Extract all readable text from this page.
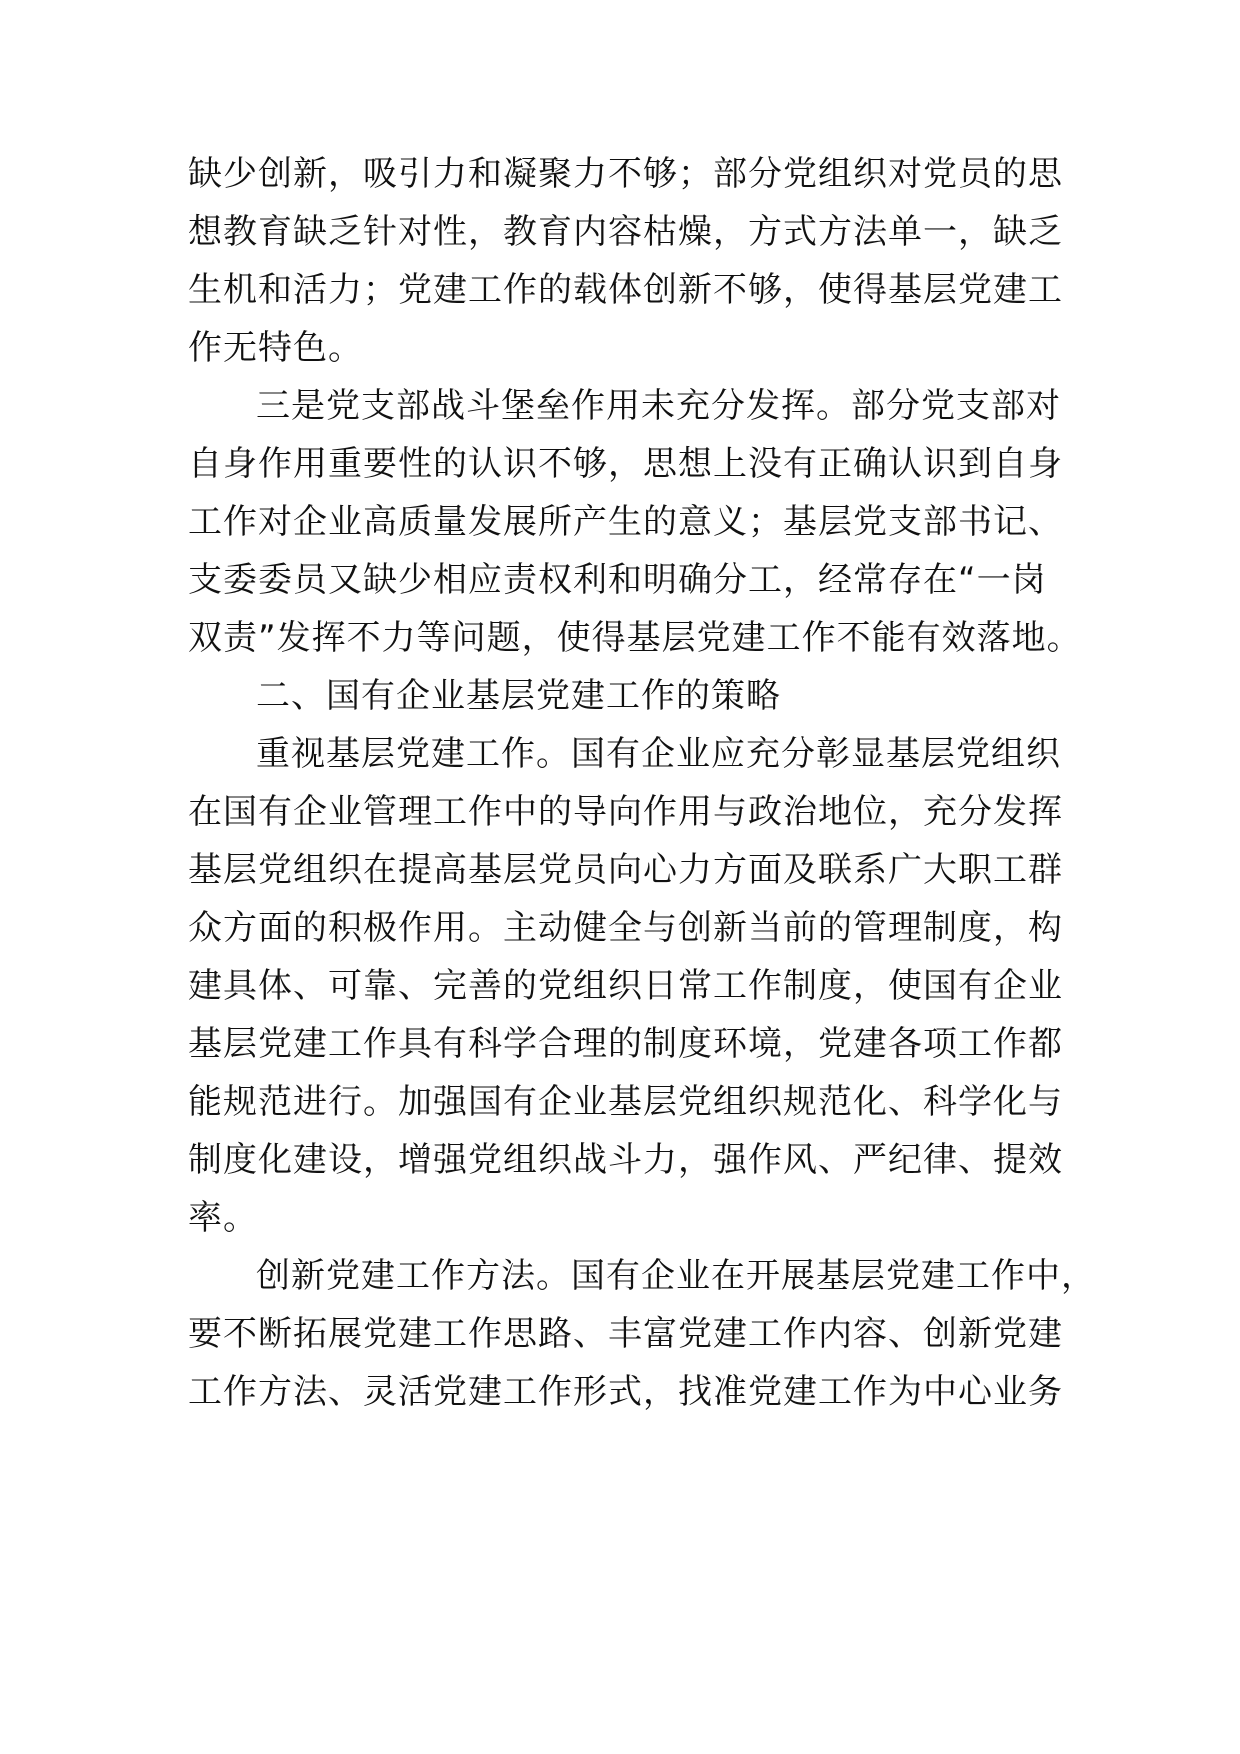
缺少创新，吸引力和凝聚力不够；部分党组织对党员的思
想教育缺乏针对性，教育内容枯燥，方式方法单一，缺乏
生机和活力；党建工作的载体创新不够，使得基层党建工
作无特色。
三是党支部战斗堡垒作用未充分发挥。部分党支部对
自身作用重要性的认识不够，思想上没有正确认识到自身
工作对企业高质量发展所产生的意义；基层党支部书记、
支委委员又缺少相应责权利和明确分工，经常存在“一岗
双责”发挥不力等问题，使得基层党建工作不能有效落地。
二、国有企业基层党建工作的策略
重视基层党建工作。国有企业应充分彰显基层党组织
在国有企业管理工作中的导向作用与政治地位，充分发挥
基层党组织在提高基层党员向心力方面及联系广大职工群
众方面的积极作用。主动健全与创新当前的管理制度，构
建具体、可靠、完善的党组织日常工作制度，使国有企业
基层党建工作具有科学合理的制度环境，党建各项工作都
能规范进行。加强国有企业基层党组织规范化、科学化与
制度化建设，增强党组织战斗力，强作风、严纪律、提效
率。
创新党建工作方法。国有企业在开展基层党建工作中，
要不断拓展党建工作思路、丰富党建工作内容、创新党建
工作方法、灵活党建工作形式，找准党建工作为中心业务
